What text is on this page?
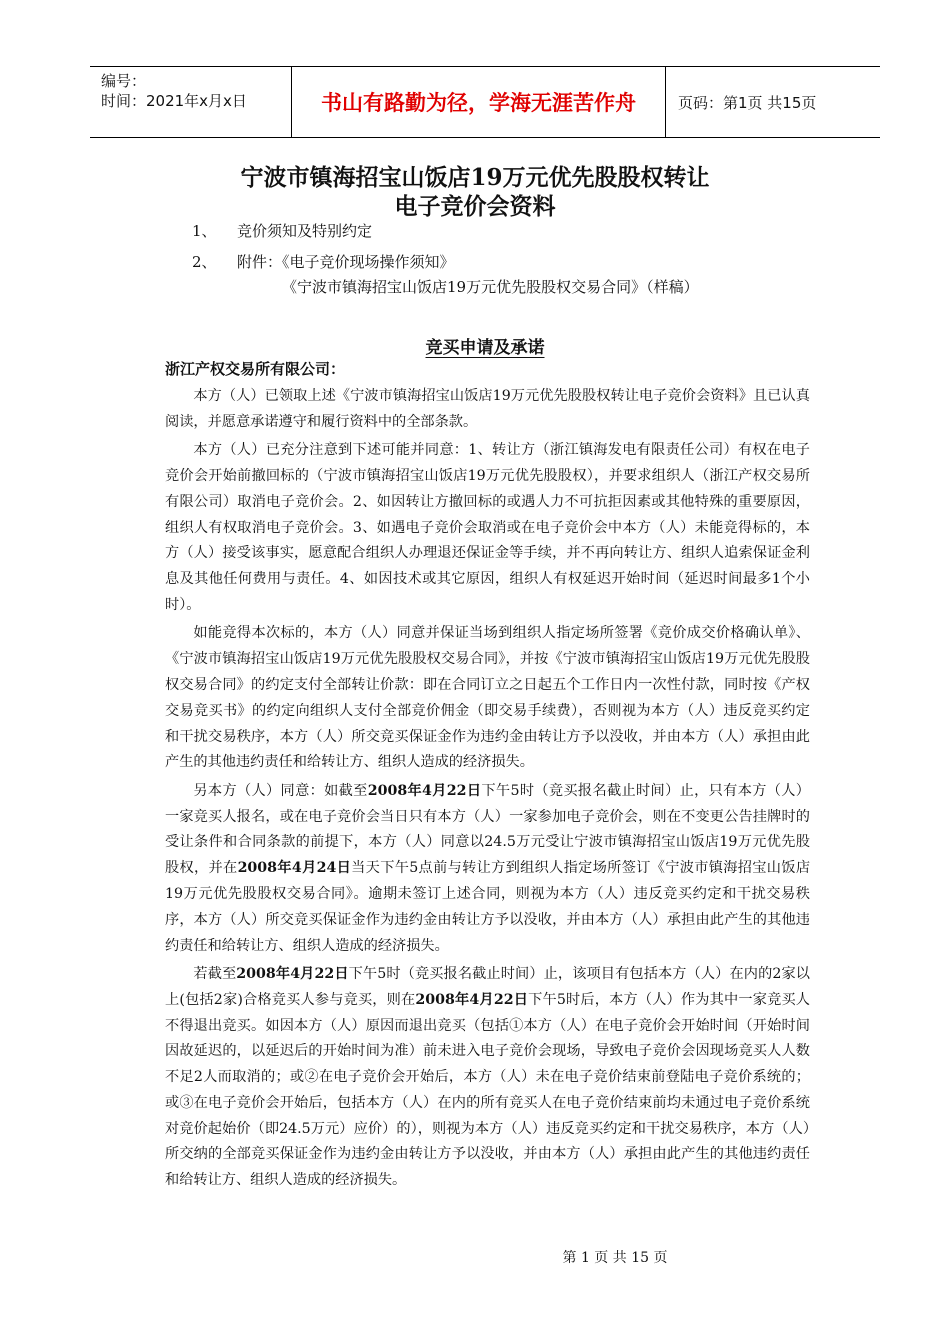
编号：
时间：2021年x月x日	书山有路勤为径，学海无涯苦作舟	页码：第1页 共15页
宁波市镇海招宝山饭店19万元优先股股权转让
电子竞价会资料
1、 竞价须知及特别约定
2、 附件：《电子竞价现场操作须知》
《宁波市镇海招宝山饭店19万元优先股股权交易合同》（样稿）
竞买申请及承诺
浙江产权交易所有限公司：

本方（人）已领取上述《宁波市镇海招宝山饭店19万元优先股股权转让电子竞价会资料》且已认真阅读，并愿意承诺遵守和履行资料中的全部条款。

本方（人）已充分注意到下述可能并同意：1、转让方（浙江镇海发电有限责任公司）有权在电子竞价会开始前撤回标的（宁波市镇海招宝山饭店19万元优先股股权），并要求组织人（浙江产权交易所有限公司）取消电子竞价会。2、如因转让方撤回标的或遇人力不可抗拒因素或其他特殊的重要原因，组织人有权取消电子竞价会。3、如遇电子竞价会取消或在电子竞价会中本方（人）未能竞得标的，本方（人）接受该事实，愿意配合组织人办理退还保证金等手续，并不再向转让方、组织人追索保证金利息及其他任何费用与责任。4、如因技术或其它原因，组织人有权延迟开始时间（延迟时间最多1个小时）。

如能竞得本次标的，本方（人）同意并保证当场到组织人指定场所签署《竞价成交价格确认单》、《宁波市镇海招宝山饭店19万元优先股股权交易合同》，并按《宁波市镇海招宝山饭店19万元优先股股权交易合同》的约定支付全部转让价款：即在合同订立之日起五个工作日内一次性付款，同时按《产权交易竞买书》的约定向组织人支付全部竞价佣金（即交易手续费），否则视为本方（人）违反竞买约定和干扰交易秩序，本方（人）所交竞买保证金作为违约金由转让方予以没收，并由本方（人）承担由此产生的其他违约责任和给转让方、组织人造成的经济损失。

另本方（人）同意：如截至2008年4月22日下午5时（竞买报名截止时间）止，只有本方（人）一家竞买人报名，或在电子竞价会当日只有本方（人）一家参加电子竞价会，则在不变更公告挂牌时的受让条件和合同条款的前提下，本方（人）同意以24.5万元受让宁波市镇海招宝山饭店19万元优先股股权，并在2008年4月24日当天下午5点前与转让方到组织人指定场所签订《宁波市镇海招宝山饭店19万元优先股股权交易合同》。逾期未签订上述合同，则视为本方（人）违反竞买约定和干扰交易秩序，本方（人）所交竞买保证金作为违约金由转让方予以没收，并由本方（人）承担由此产生的其他违约责任和给转让方、组织人造成的经济损失。

若截至2008年4月22日下午5时（竞买报名截止时间）止，该项目有包括本方（人）在内的2家以上(包括2家)合格竞买人参与竞买，则在2008年4月22日下午5时后，本方（人）作为其中一家竞买人不得退出竞买。如因本方（人）原因而退出竞买（包括①本方（人）在电子竞价会开始时间（开始时间因故延迟的，以延迟后的开始时间为准）前未进入电子竞价会现场，导致电子竞价会因现场竞买人人数不足2人而取消的；或②在电子竞价会开始后，本方（人）未在电子竞价结束前登陆电子竞价系统的；或③在电子竞价会开始后，包括本方（人）在内的所有竞买人在电子竞价结束前均未通过电子竞价系统对竞价起始价（即24.5万元）应价）的），则视为本方（人）违反竞买约定和干扰交易秩序，本方（人）所交纳的全部竞买保证金作为违约金由转让方予以没收，并由本方（人）承担由此产生的其他违约责任和给转让方、组织人造成的经济损失。

第 1 页 共 15 页
